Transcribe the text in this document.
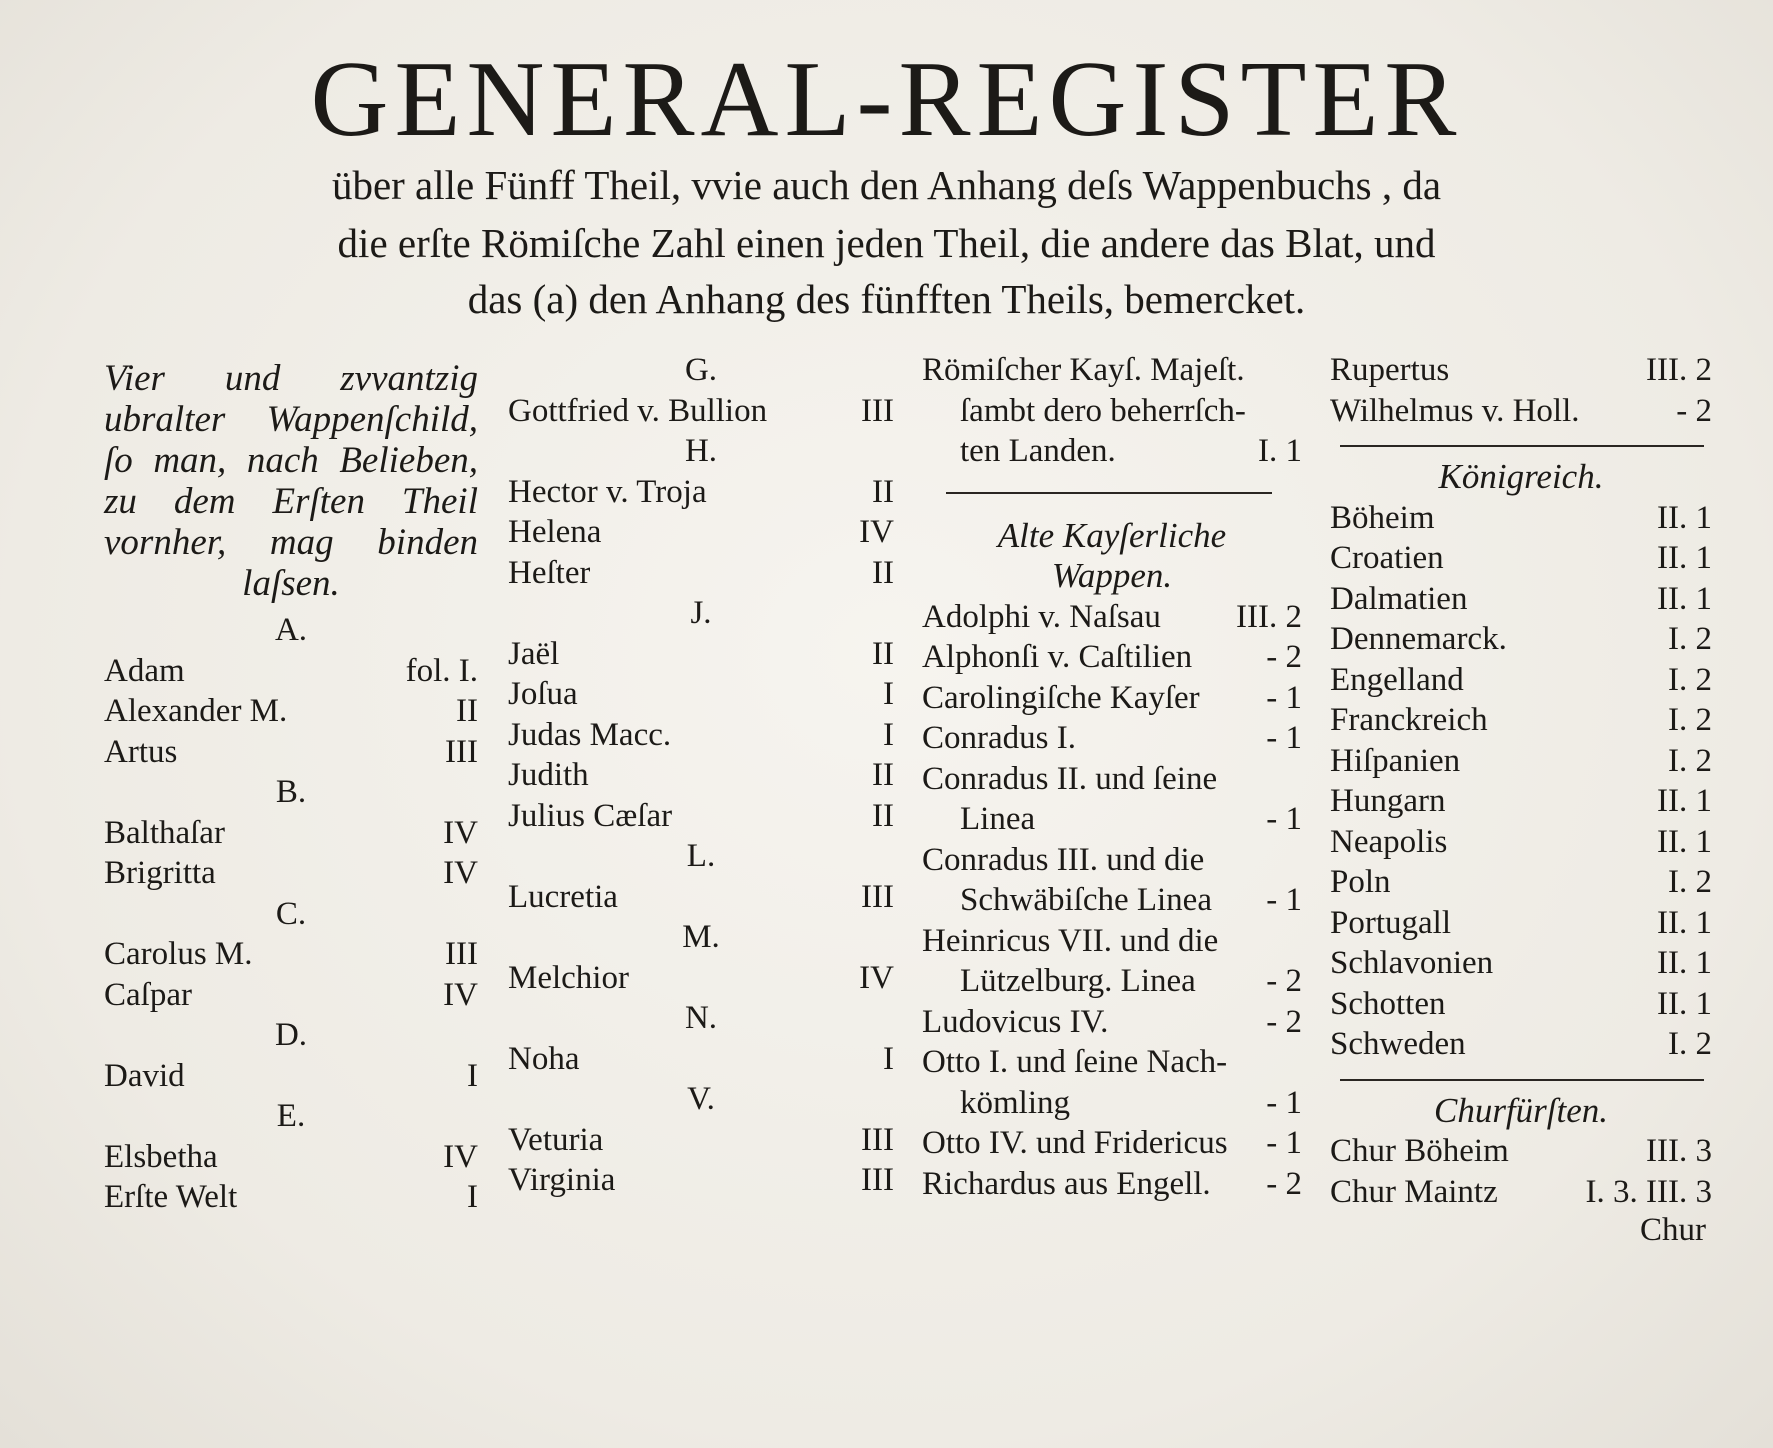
GENERAL-REGISTER
über alle Fünff Theil, vvie auch den Anhang deſs Wappenbuchs , da
die erſte Römiſche Zahl einen jeden Theil, die andere das Blat, und
das (a) den Anhang des fünfften Theils, bemercket.
Vier und zvvantzig ubralter Wappenſchild, ſo man, nach Belieben, zu dem Erſten Theil vornher, mag binden laſsen.
A.
Adam	fol. I.
Alexander M.	II
Artus	III
B.
Balthaſar	IV
Brigritta	IV
C.
Carolus M.	III
Caſpar	IV
D.
David	I
E.
Elsbetha	IV
Erſte Welt	I
G.
Gottfried v. Bullion	III
H.
Hector v. Troja	II
Helena	IV
Heſter	II
J.
Jaël	II
Joſua	I
Judas Macc.	I
Judith	II
Julius Cæſar	II
L.
Lucretia	III
M.
Melchior	IV
N.
Noha	I
V.
Veturia	III
Virginia	III
Römiſcher Kayſ. Majeſt.
ſambt dero beherrſch-
ten Landen.	I. 1
Alte Kayſerliche
Wappen.
Adolphi v. Naſsau III. 2
Alphonſi v. Caſtilien - 2
Carolingiſche Kayſer - 1
Conradus I.	- 1
Conradus II. und ſeine
Linea	- 1
Conradus III. und die
Schwäbiſche Linea - 1
Heinricus VII. und die
Lützelburg. Linea - 2
Ludovicus IV.	- 2
Otto I. und ſeine Nach-
kömling	- 1
Otto IV. und Fridericus - 1
Richardus aus Engell. - 2
Rupertus	III. 2
Wilhelmus v. Holl.	- 2
Königreich.
Böheim	II. 1
Croatien	II. 1
Dalmatien	II. 1
Dennemarck.	I. 2
Engelland	I. 2
Franckreich	I. 2
Hiſpanien	I. 2
Hungarn	II. 1
Neapolis	II. 1
Poln	I. 2
Portugall	II. 1
Schlavonien	II. 1
Schotten	II. 1
Schweden	I. 2
Churfürſten.
Chur Böheim	III. 3
Chur Maintz	I. 3. III. 3
Chur
